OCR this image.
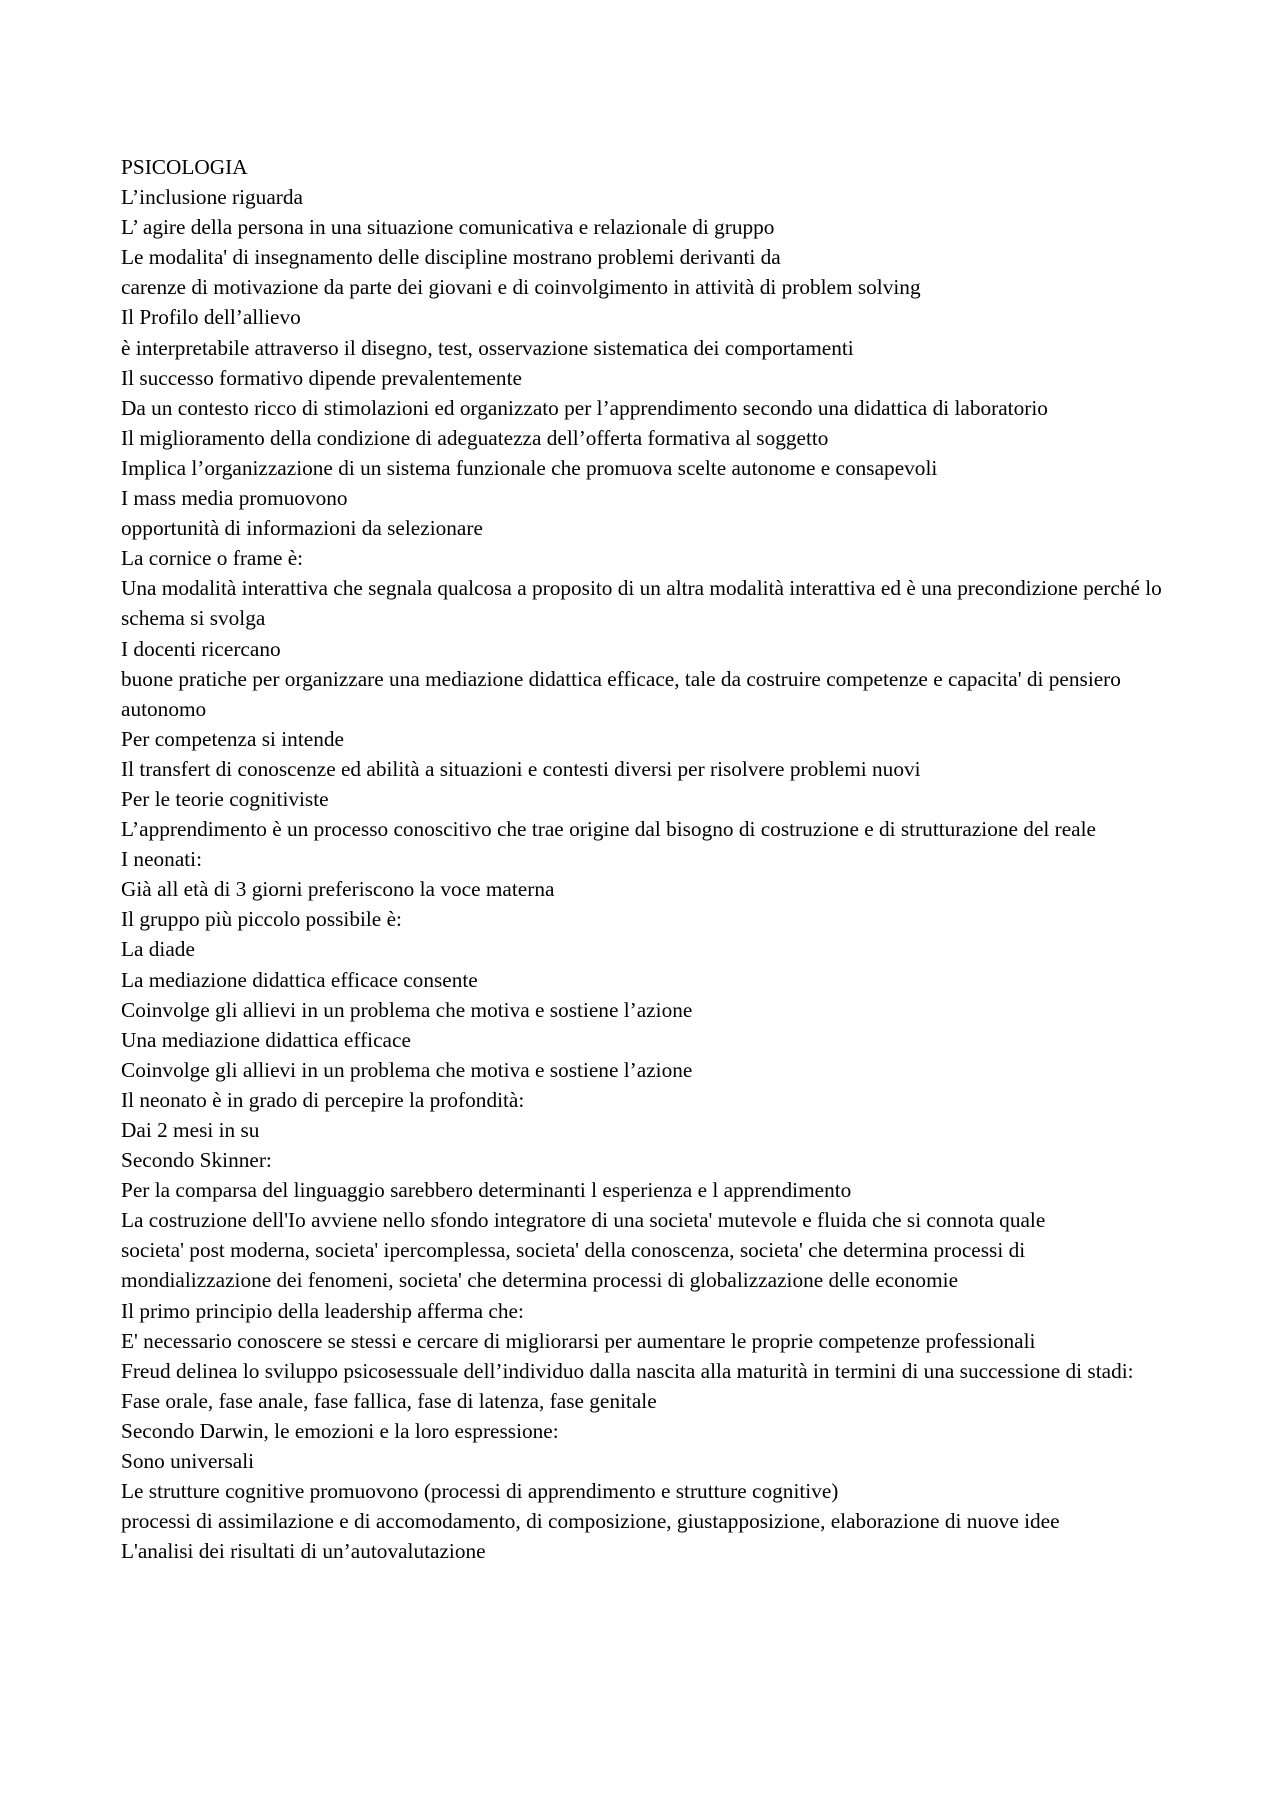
PSICOLOGIA

L’inclusione riguarda

L’ agire della persona in una situazione comunicativa e relazionale di gruppo

Le modalita' di insegnamento delle discipline mostrano problemi derivanti da

carenze di motivazione da parte dei giovani e di coinvolgimento in attività di problem solving

Il Profilo dell’allievo

è interpretabile attraverso il disegno, test, osservazione sistematica dei comportamenti

Il successo formativo dipende prevalentemente

Da un contesto ricco di stimolazioni ed organizzato per l’apprendimento secondo una didattica di laboratorio

Il miglioramento della condizione di adeguatezza dell’offerta formativa al soggetto

Implica l’organizzazione di un sistema funzionale che promuova scelte autonome e consapevoli

I mass media promuovono

opportunità di informazioni da selezionare

La cornice o frame è:

Una modalità interattiva che segnala qualcosa a proposito di un altra modalità interattiva ed è una precondizione perché lo schema si svolga

I docenti ricercano

buone pratiche per organizzare una mediazione didattica efficace, tale da costruire competenze e capacita' di pensiero autonomo

Per competenza si intende

Il transfert di conoscenze ed abilità a situazioni e contesti diversi per risolvere problemi nuovi

Per le teorie cognitiviste

L’apprendimento è un processo conoscitivo che trae origine dal bisogno di costruzione e di strutturazione del reale

I neonati:

Già all età di 3 giorni preferiscono la voce materna

Il gruppo più piccolo possibile è:

La diade

La mediazione didattica efficace consente

Coinvolge gli allievi in un problema che motiva e sostiene l’azione

Una mediazione didattica efficace

Coinvolge gli allievi in un problema che motiva e sostiene l’azione

Il neonato è in grado di percepire la profondità:

Dai 2 mesi in su

Secondo Skinner:

Per la comparsa del linguaggio sarebbero determinanti l esperienza e l apprendimento

La costruzione dell'Io avviene nello sfondo integratore di una societa' mutevole e fluida che si connota quale

societa' post moderna, societa' ipercomplessa, societa' della conoscenza, societa' che determina processi di mondializzazione dei fenomeni, societa' che determina processi di globalizzazione delle economie

Il primo principio della leadership afferma che:

E' necessario conoscere se stessi e cercare di migliorarsi per aumentare le proprie competenze professionali

Freud delinea lo sviluppo psicosessuale dell’individuo dalla nascita alla maturità in termini di una successione di stadi:

Fase orale, fase anale, fase fallica, fase di latenza, fase genitale

Secondo Darwin, le emozioni e la loro espressione:

Sono universali

Le strutture cognitive promuovono (processi di apprendimento e strutture cognitive)

processi di assimilazione e di accomodamento, di composizione, giustapposizione, elaborazione di nuove idee

L'analisi dei risultati di un’autovalutazione
